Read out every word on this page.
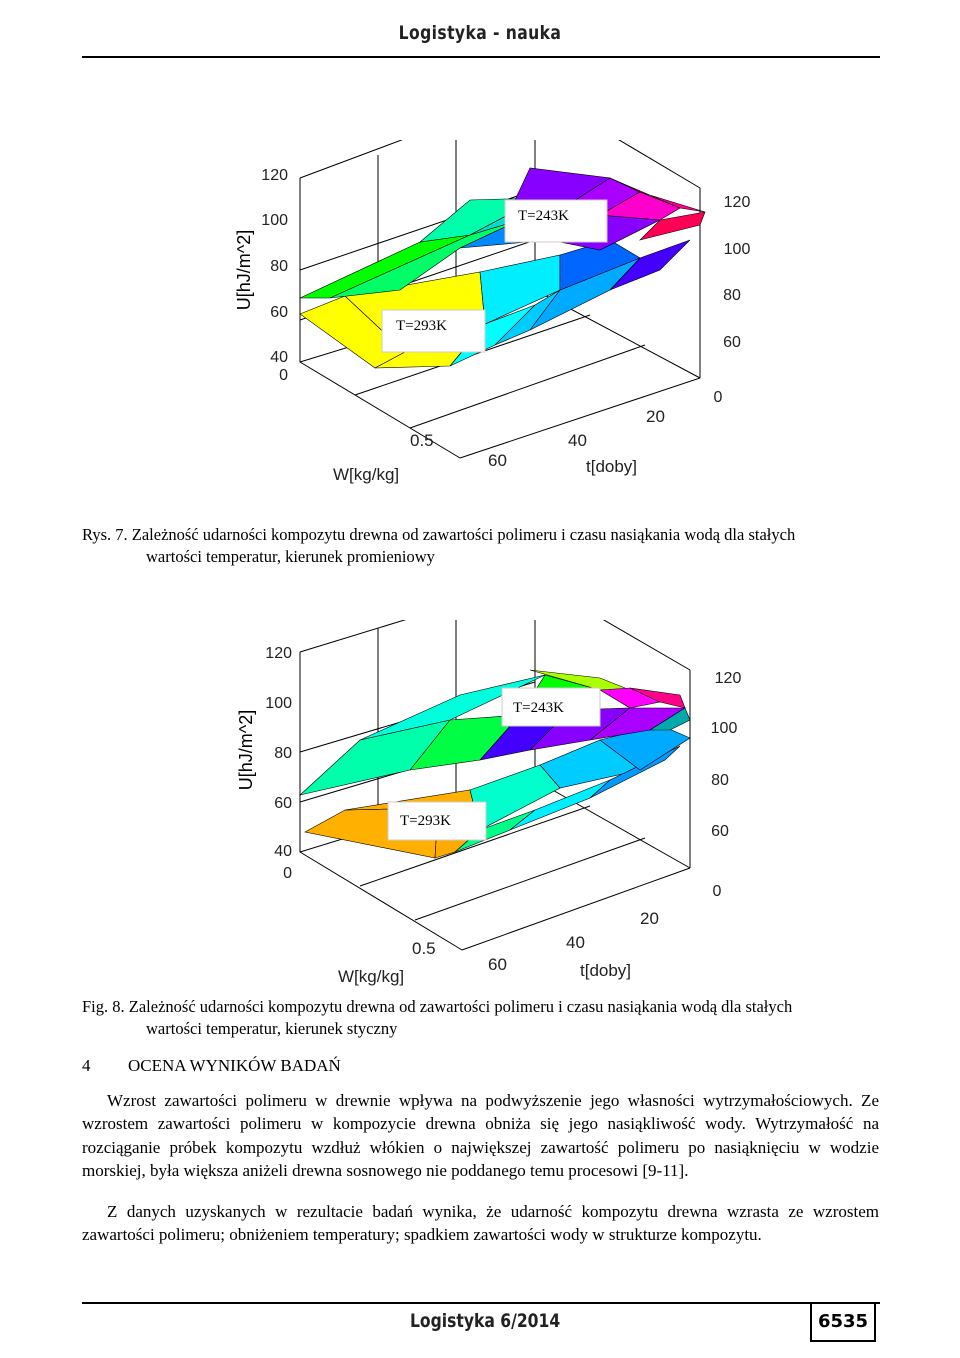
Logistyka - nauka
T=243K
T=293K
120
100
80
60
40
0
U[hJ/m^2]
120
100
80
60
0
0.5
W[kg/kg]
60
40
20
t[doby]
Rys. 7. Zależność udarności kompozytu drewna od zawartości polimeru i czasu nasiąkania wodą dla stałych
wartości temperatur, kierunek promieniowy
T=243K
T=293K
120
100
80
60
40
0
U[hJ/m^2]
120
100
80
60
0
0.5
W[kg/kg]
60
40
20
t[doby]
Fig. 8. Zależność udarności kompozytu drewna od zawartości polimeru i czasu nasiąkania wodą dla stałych
wartości temperatur, kierunek styczny
4 OCENA WYNIKÓW BADAŃ
Wzrost zawartości polimeru w drewnie wpływa na podwyższenie jego własności wytrzymałościowych. Ze wzrostem zawartości polimeru w kompozycie drewna obniża się jego nasiąkliwość wody. Wytrzymałość na rozciąganie próbek kompozytu wzdłuż włókien o największej zawartość polimeru po nasiąknięciu w wodzie morskiej, była większa aniżeli drewna sosnowego nie poddanego temu procesowi [9-11].
Z danych uzyskanych w rezultacie badań wynika, że udarność kompozytu drewna wzrasta ze wzrostem zawartości polimeru; obniżeniem temperatury; spadkiem zawartości wody w strukturze kompozytu.
Logistyka 6/2014	6535
